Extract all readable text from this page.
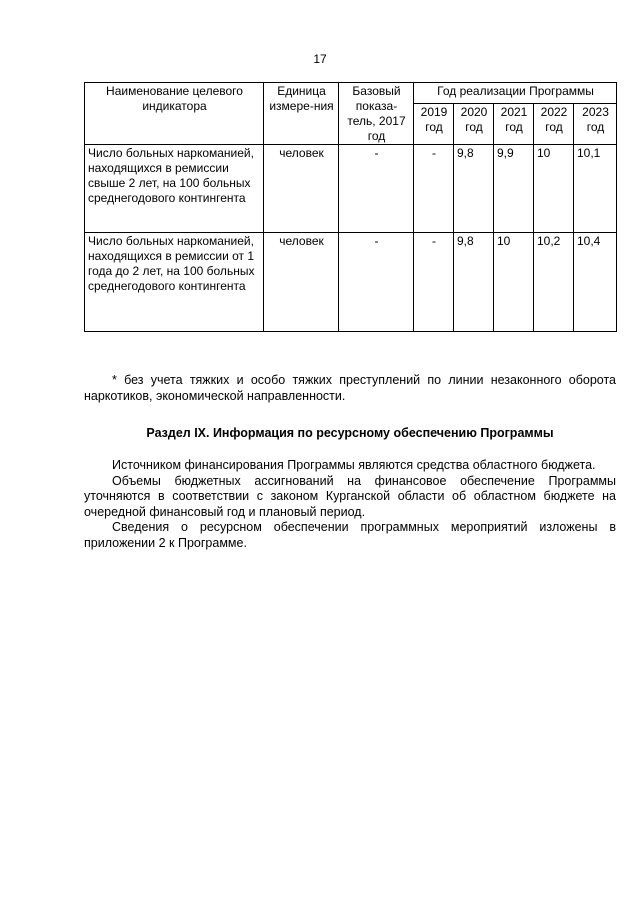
17
Наименование целевого индикатора	Единица измере-ния	Базовый показа-тель, 2017 год	Год реализации Программы				
			2019 год	2020 год	2021 год	2022 год	2023 год
Число больных наркоманией, находящихся в ремиссии свыше 2 лет, на 100 больных среднегодового контингента	человек	-	-	9,8	9,9	10	10,1
Число больных наркоманией, находящихся в ремиссии от 1 года до 2 лет, на 100 больных среднегодового контингента	человек	-	-	9,8	10	10,2	10,4
* без учета тяжких и особо тяжких преступлений по линии незаконного оборота наркотиков, экономической направленности.
Раздел IX. Информация по ресурсному обеспечению Программы

Источником финансирования Программы являются средства областного бюджета.

Объемы бюджетных ассигнований на финансовое обеспечение Программы уточняются в соответствии с законом Курганской области об областном бюджете на очередной финансовый год и плановый период.

Сведения о ресурсном обеспечении программных мероприятий изложены в приложении 2 к Программе.
